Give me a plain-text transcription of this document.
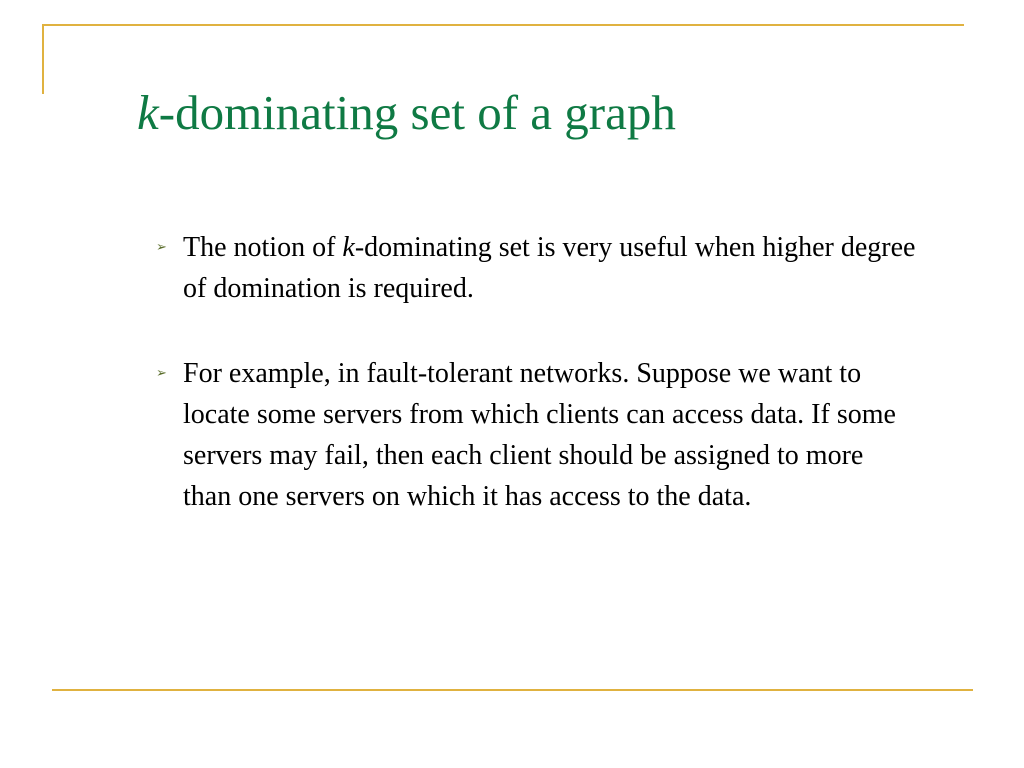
k-dominating set of a graph
➢ The notion of k-dominating set is very useful when higher degree of domination is required.
➢ For example, in fault-tolerant networks. Suppose we want to locate some servers from which clients can access data. If some servers may fail, then each client should be assigned to more than one servers on which it has access to the data.
